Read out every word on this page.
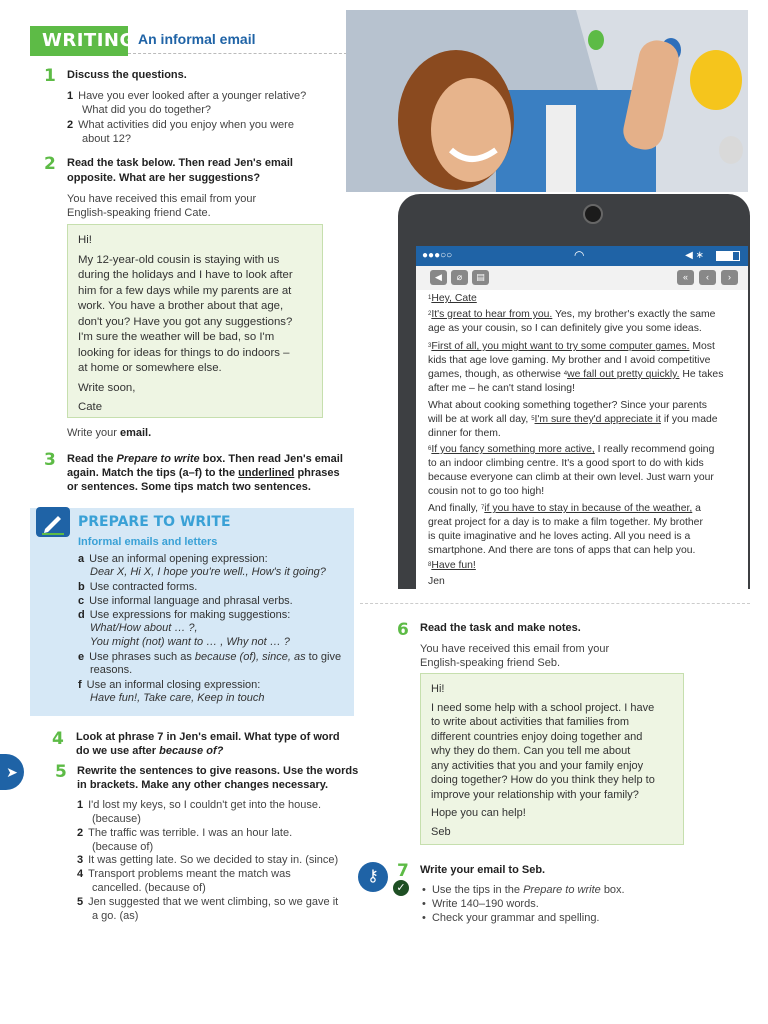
WRITING An informal email
1 Discuss the questions.
1 Have you ever looked after a younger relative?
What did you do together?
2 What activities did you enjoy when you were
about 12?
2 Read the task below. Then read Jen's email
opposite. What are her suggestions?
You have received this email from your
English-speaking friend Cate.

Hi!

My 12-year-old cousin is staying with us
during the holidays and I have to look after
him for a few days while my parents are at
work. You have a brother about that age,
don't you? Have you got any suggestions?
I'm sure the weather will be bad, so I'm
looking for ideas for things to do indoors –

at home or somewhere else.

Write soon,

Cate
Write your email.
3 Read the Prepare to write box. Then read Jen's email
again. Match the tips (a–f) to the underlined phrases
or sentences. Some tips match two sentences.
PREPARE TO WRITE
Informal emails and letters
a Use an informal opening expression:
Dear X, Hi X, I hope you're well., How's it going?
b Use contracted forms.
c Use informal language and phrasal verbs.
d Use expressions for making suggestions:
What/How about … ?,
You might (not) want to … , Why not … ?
e Use phrases such as because (of), since, as to give
reasons.
f Use an informal closing expression:
Have fun!, Take care, Keep in touch
4 Look at phrase 7 in Jen's email. What type of word
do we use after because of?
➤	5 Rewrite the sentences to give reasons. Use the words
in brackets. Make any other changes necessary.
1 I'd lost my keys, so I couldn't get into the house.
(because)
2 The traffic was terrible. I was an hour late.
(because of)
3 It was getting late. So we decided to stay in. (since)
4 Transport problems meant the match was
cancelled. (because of)
5 Jen suggested that we went climbing, so we gave it
a go. (as)
●●●○○	◠	◀ ∗
◀	⌀	▤	«	‹	›
$^1$Hey, Cate
$^2$It's great to hear from you. Yes, my brother's exactly the same
age as your cousin, so I can definitely give you some ideas.
$^3$First of all, you might want to try some computer games. Most
kids that age love gaming. My brother and I avoid competitive
games, though, as otherwise $^4$we fall out pretty quickly. He takes
after me – he can't stand losing!
What about cooking something together? Since your parents
will be at work all day, $^5$I'm sure they'd appreciate it if you made
dinner for them.
$^6$If you fancy something more active, I really recommend going
to an indoor climbing centre. It's a good sport to do with kids
because everyone can climb at their own level. Just warn your
cousin not to go too high!
And finally, $^7$if you have to stay in because of the weather, a
great project for a day is to make a film together. My brother
is quite imaginative and he loves acting. All you need is a
smartphone. And there are tons of apps that can help you.
$^8$Have fun!
Jen
6 Read the task and make notes.
You have received this email from your
English-speaking friend Seb.

Hi!

I need some help with a school project. I have
to write about activities that families from
different countries enjoy doing together and
why they do them. Can you tell me about
any activities that you and your family enjoy
doing together? How do you think they help to

improve your relationship with your family?

Hope you can help!

Seb
⚷
✓
7 Write your email to Seb.
•  Use the tips in the Prepare to write box.
•  Write 140–190 words.
•  Check your grammar and spelling.
